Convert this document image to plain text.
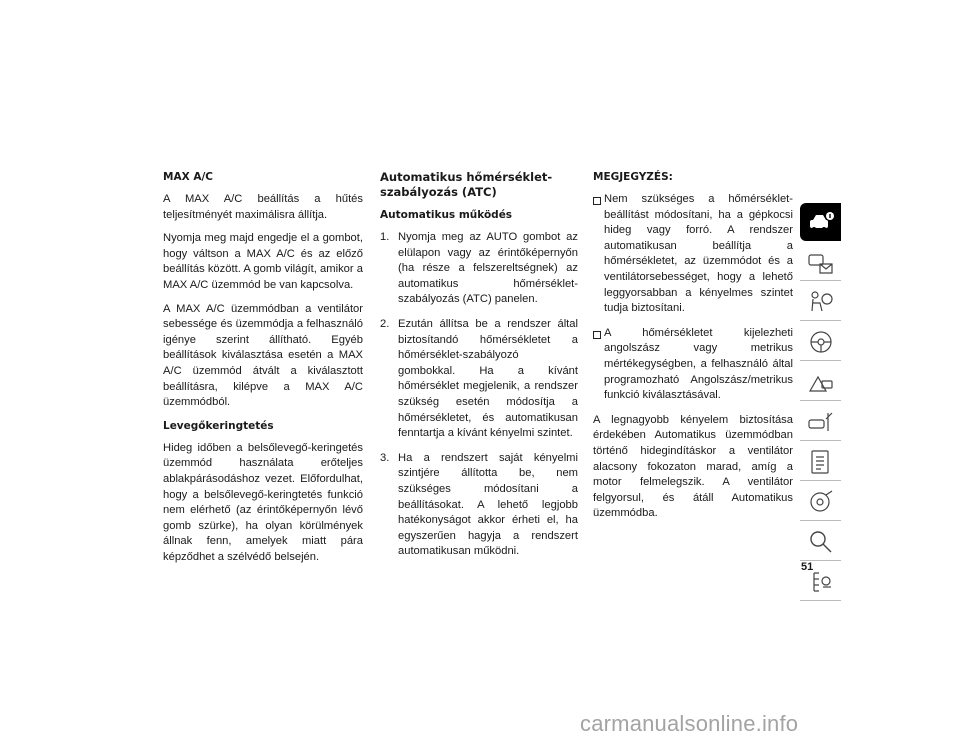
MAX A/C

A MAX A/C beállítás a hűtés teljesítményét maximálisra állítja.

Nyomja meg majd engedje el a gombot, hogy váltson a MAX A/C és az előző beállítás között. A gomb világít, amikor a MAX A/C üzemmód be van kapcsolva.

A MAX A/C üzemmódban a ventilátor sebessége és üzemmódja a felhasználó igénye szerint állítható. Egyéb beállítások kiválasztása esetén a MAX A/C üzemmód átvált a kiválasztott beállításra, kilépve a MAX A/C üzemmódból.

Levegőkeringtetés

Hideg időben a belsőlevegő-keringetés üzemmód használata erőteljes ablakpárásodáshoz vezet. Előfordulhat, hogy a belsőlevegő-keringtetés funkció nem elérhető (az érintőképernyőn lévő gomb szürke), ha olyan körülmények állnak fenn, amelyek miatt pára képződhet a szélvédő belsején.

Automatikus hőmérséklet-szabályozás (ATC)
Automatikus működés
1. Nyomja meg az AUTO gombot az elülapon vagy az érintőképernyőn (ha része a felszereltségnek) az automatikus hőmérséklet-szabályozás (ATC) panelen.
2. Ezután állítsa be a rendszer által biztosítandó hőmérsékletet a hőmérséklet-szabályozó gombokkal. Ha a kívánt hőmérséklet megjelenik, a rendszer szükség esetén módosítja a hőmérsékletet, és automatikusan fenntartja a kívánt kényelmi szintet.
3. Ha a rendszert saját kényelmi szintjére állította be, nem szükséges módosítani a beállításokat. A lehető legjobb hatékonyságot akkor érheti el, ha egyszerűen hagyja a rendszert automatikusan működni.
MEGJEGYZÉS:
Nem szükséges a hőmérséklet-beállítást módosítani, ha a gépkocsi hideg vagy forró. A rendszer automatikusan beállítja a hőmérsékletet, az üzemmódot és a ventilátorsebességet, hogy a lehető leggyorsabban a kényelmes szintet tudja biztosítani.
A hőmérsékletet kijelezheti angolszász vagy metrikus mértékegységben, a felhasználó által programozható Angolszász/metrikus funkció kiválasztásával.

A legnagyobb kényelem biztosítása érdekében Automatikus üzemmódban történő hidegindításkor a ventilátor alacsony fokozaton marad, amíg a motor felmelegszik. A ventilátor felgyorsul, és átáll Automatikus üzemmódba.

51
carmanualsonline.info
